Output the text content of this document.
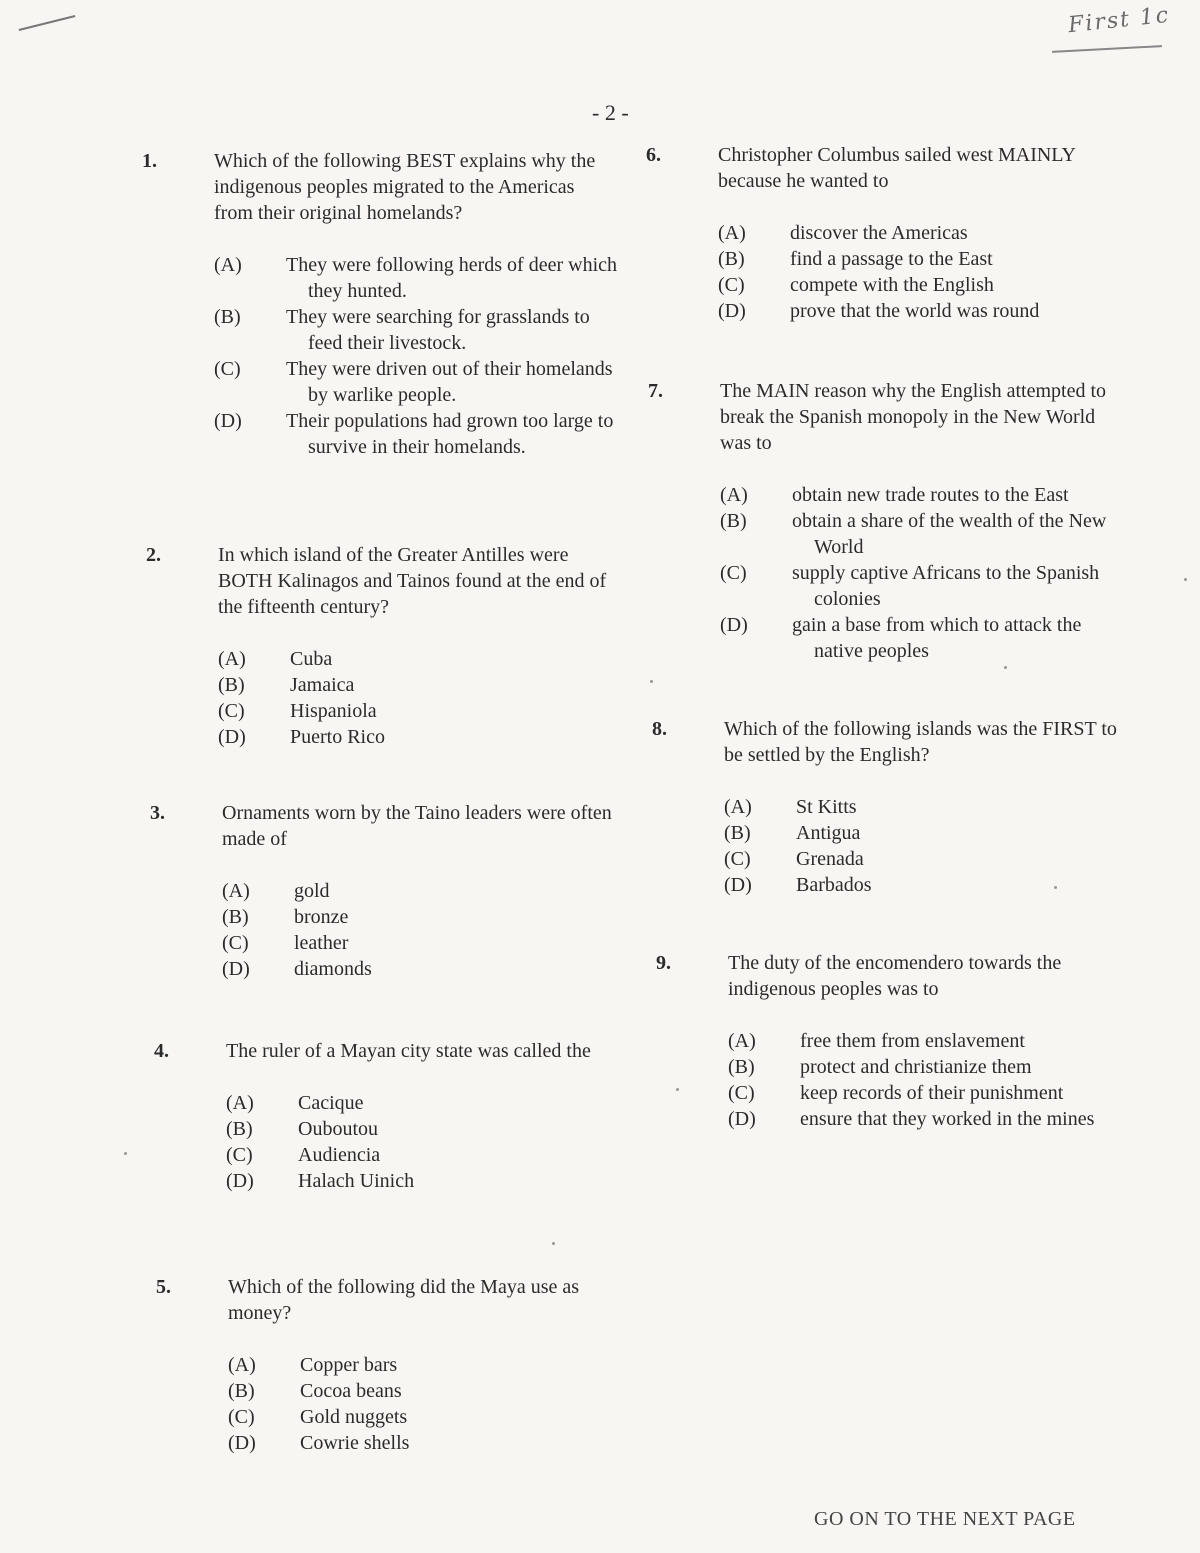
First 1c
- 2 -
1.	Which of the following BEST explains why the indigenous peoples migrated to the Americas from their original homelands?
(A)	They were following herds of deer which they hunted.
(B)	They were searching for grasslands to feed their livestock.
(C)	They were driven out of their homelands by warlike people.
(D)	Their populations had grown too large to survive in their homelands.
2.	In which island of the Greater Antilles were BOTH Kalinagos and Tainos found at the end of the fifteenth century?
(A)	Cuba
(B)	Jamaica
(C)	Hispaniola
(D)	Puerto Rico
3.	Ornaments worn by the Taino leaders were often made of
(A)	gold
(B)	bronze
(C)	leather
(D)	diamonds
4.	The ruler of a Mayan city state was called the
(A)	Cacique
(B)	Ouboutou
(C)	Audiencia
(D)	Halach Uinich
5.	Which of the following did the Maya use as money?
(A)	Copper bars
(B)	Cocoa beans
(C)	Gold nuggets
(D)	Cowrie shells
6.	Christopher Columbus sailed west MAINLY because he wanted to
(A)	discover the Americas
(B)	find a passage to the East
(C)	compete with the English
(D)	prove that the world was round
7.	The MAIN reason why the English attempted to break the Spanish monopoly in the New World was to
(A)	obtain new trade routes to the East
(B)	obtain a share of the wealth of the New World
(C)	supply captive Africans to the Spanish colonies
(D)	gain a base from which to attack the native peoples
8.	Which of the following islands was the FIRST to be settled by the English?
(A)	St Kitts
(B)	Antigua
(C)	Grenada
(D)	Barbados
9.	The duty of the encomendero towards the indigenous peoples was to
(A)	free them from enslavement
(B)	protect and christianize them
(C)	keep records of their punishment
(D)	ensure that they worked in the mines
GO ON TO THE NEXT PAGE
